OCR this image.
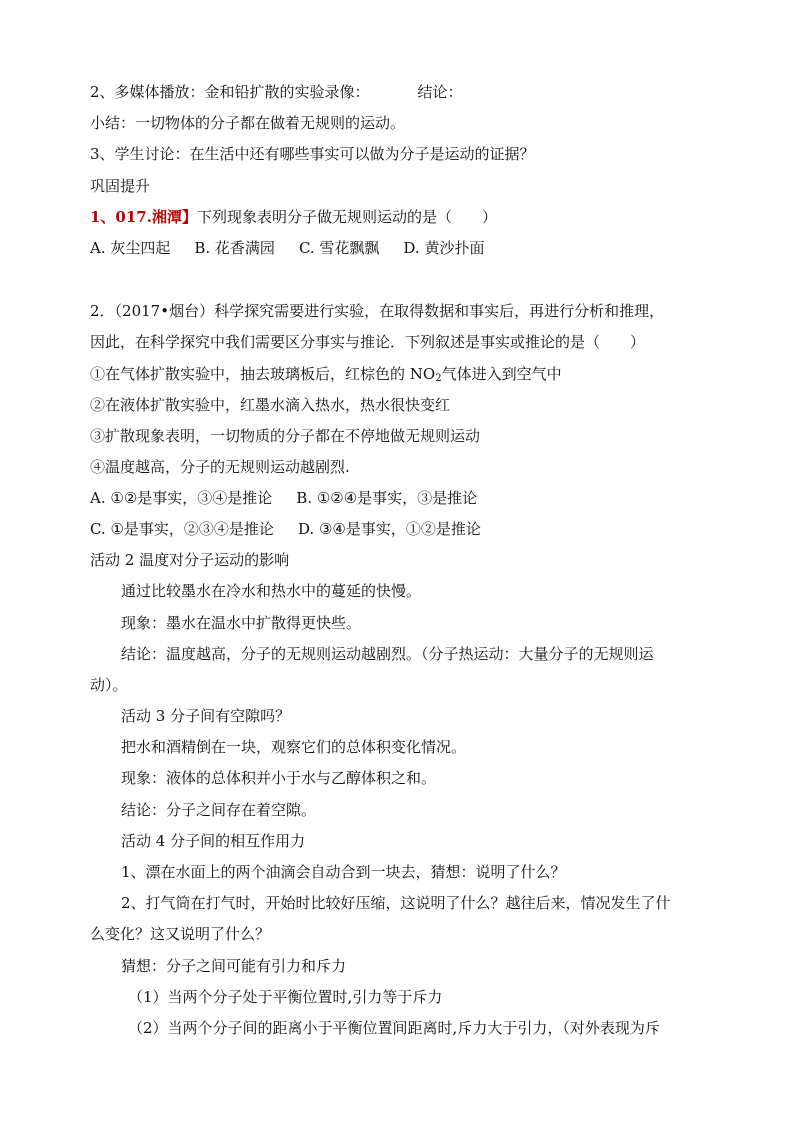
2、多媒体播放：金和铅扩散的实验录像：	结论：
小结：一切物体的分子都在做着无规则的运动。
3、学生讨论：在生活中还有哪些事实可以做为分子是运动的证据？
巩固提升
1、017.湘潭】下列现象表明分子做无规则运动的是（　　）
A. 灰尘四起 B. 花香满园 C. 雪花飘飘 D. 黄沙扑面
2．（2017•烟台）科学探究需要进行实验，在取得数据和事实后，再进行分析和推理，
因此，在科学探究中我们需要区分事实与推论．下列叙述是事实或推论的是（　　）
①在气体扩散实验中，抽去玻璃板后，红棕色的 $NO_2$气体进入到空气中
②在液体扩散实验中，红墨水滴入热水，热水很快变红
③扩散现象表明，一切物质的分子都在不停地做无规则运动
④温度越高，分子的无规则运动越剧烈.
A. ①②是事实，③④是推论 B. ①②④是事实，③是推论
C. ①是事实，②③④是推论 D. ③④是事实，①②是推论
活动 2 温度对分子运动的影响
通过比较墨水在冷水和热水中的蔓延的快慢。
现象：墨水在温水中扩散得更快些。
结论：温度越高，分子的无规则运动越剧烈。（分子热运动：大量分子的无规则运
动）。
活动 3 分子间有空隙吗？
把水和酒精倒在一块，观察它们的总体积变化情况。
现象：液体的总体积并小于水与乙醇体积之和。
结论：分子之间存在着空隙。
活动 4 分子间的相互作用力
1、漂在水面上的两个油滴会自动合到一块去，猜想：说明了什么？
2、打气筒在打气时，开始时比较好压缩，这说明了什么？越往后来，情况发生了什
么变化？这又说明了什么？
猜想：分子之间可能有引力和斥力
（1）当两个分子处于平衡位置时,引力等于斥力
（2）当两个分子间的距离小于平衡位置间距离时,斥力大于引力，（对外表现为斥
